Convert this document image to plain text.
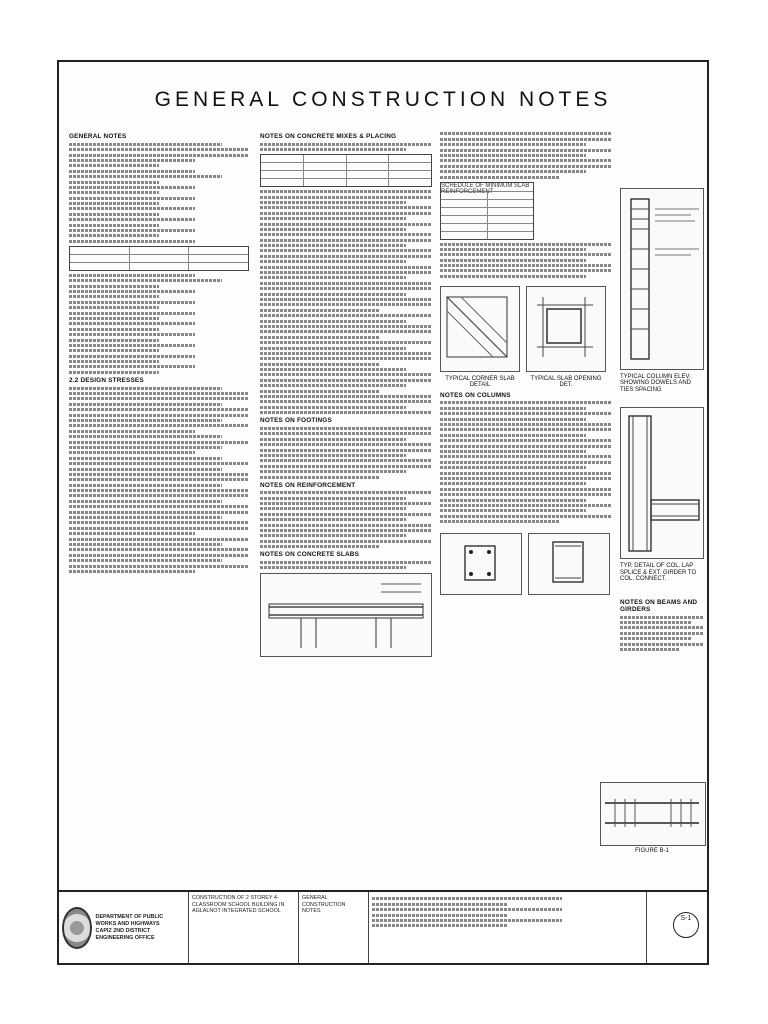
GENERAL CONSTRUCTION NOTES
GENERAL NOTES
2.2 DESIGN STRESSES
NOTES ON CONCRETE MIXES & PLACING
NOTES ON FOOTINGS
NOTES ON REINFORCEMENT
NOTES ON CONCRETE SLABS
SCHEDULE OF MINIMUM SLAB REINFORCEMENT
TYPICAL CORNER SLAB DETAIL
TYPICAL SLAB OPENING DET.
NOTES ON COLUMNS
TYPICAL COLUMN ELEV. SHOWING DOWELS AND TIES SPACING
TYP. DETAIL OF COL. LAP SPLICE & EXT. GIRDER TO COL. CONNECT.
NOTES ON BEAMS AND GIRDERS
FIGURE B-1
DEPARTMENT OF PUBLIC WORKS AND HIGHWAYS
CAPIZ 2ND DISTRICT ENGINEERING OFFICE
CONSTRUCTION OF 2 STOREY 4-CLASSROOM SCHOOL BUILDING IN AGLALNOT INTEGRATED SCHOOL
GENERAL CONSTRUCTION NOTES
S-1
